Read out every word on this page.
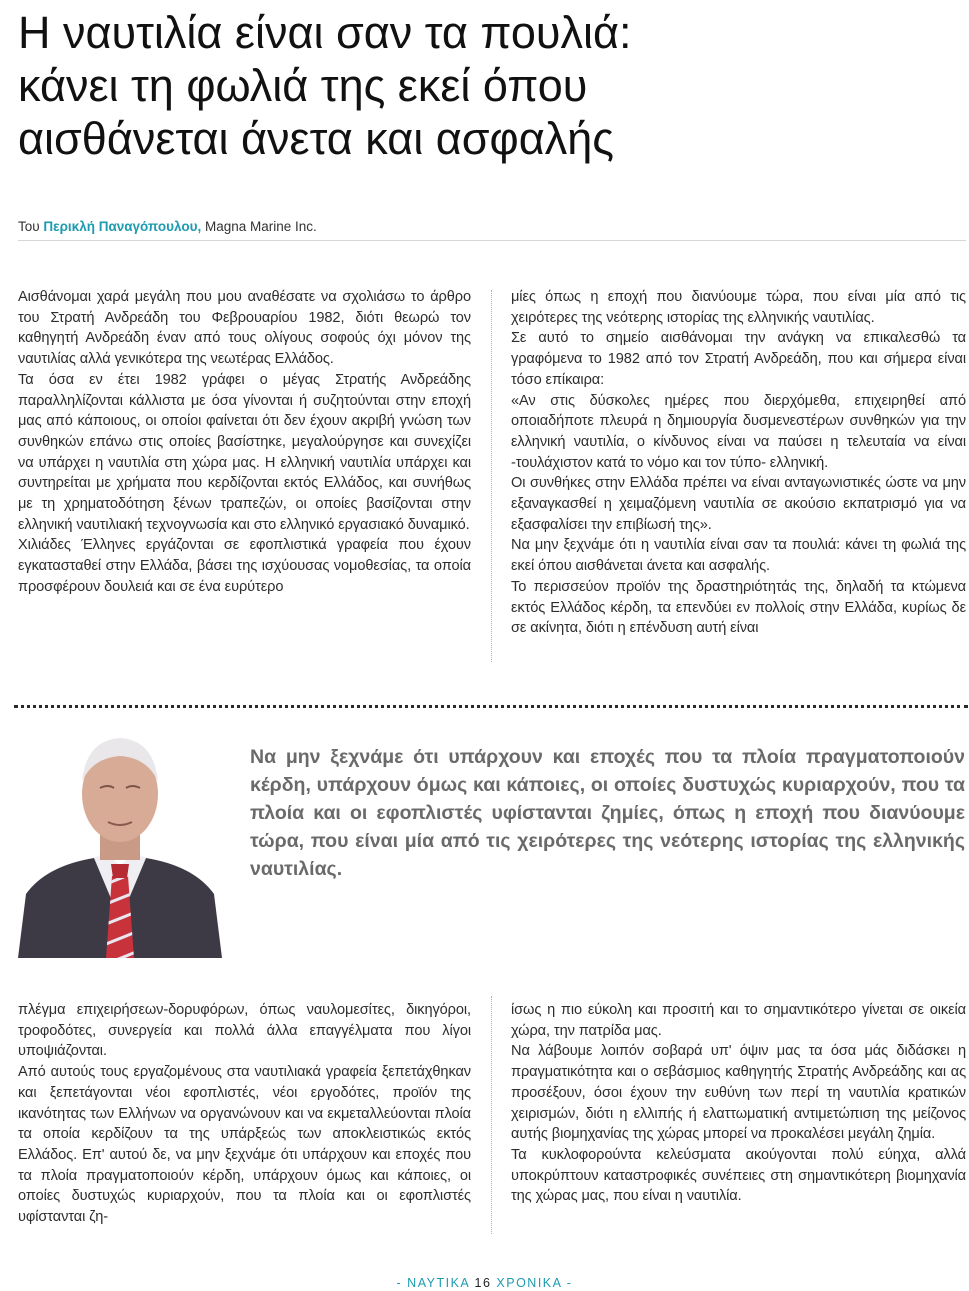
Η ναυτιλία είναι σαν τα πουλιά:
κάνει τη φωλιά της εκεί όπου
αισθάνεται άνετα και ασφαλής
Του Περικλή Παναγόπουλου, Magna Marine Inc.

Αισθάνομαι χαρά μεγάλη που μου αναθέσατε να σχολιάσω το άρθρο του Στρατή Ανδρεάδη του Φεβρουαρίου 1982, διότι θεωρώ τον καθηγητή Ανδρεάδη έναν από τους ολίγους σοφούς όχι μόνον της ναυτιλίας αλλά γενικότερα της νεωτέρας Ελλάδος.

Τα όσα εν έτει 1982 γράφει ο μέγας Στρατής Ανδρεάδης παραλληλίζονται κάλλιστα με όσα γίνονται ή συζητούνται στην εποχή μας από κάποιους, οι οποίοι φαίνεται ότι δεν έχουν ακριβή γνώση των συνθηκών επάνω στις οποίες βασίστηκε, μεγαλούργησε και συνεχίζει να υπάρχει η ναυτιλία στη χώρα μας. Η ελληνική ναυτιλία υπάρχει και συντηρείται με χρήματα που κερδίζονται εκτός Ελλάδος, και συνήθως με τη χρηματοδότηση ξένων τραπεζών, οι οποίες βασίζονται στην ελληνική ναυτιλιακή τεχνογνωσία και στο ελληνικό εργασιακό δυναμικό.

Χιλιάδες Έλληνες εργάζονται σε εφοπλιστικά γραφεία που έχουν εγκατασταθεί στην Ελλάδα, βάσει της ισχύουσας νομοθεσίας, τα οποία προσφέρουν δουλειά και σε ένα ευρύτερο

μίες όπως η εποχή που διανύουμε τώρα, που είναι μία από τις χειρότερες της νεότερης ιστορίας της ελληνικής ναυτιλίας.

Σε αυτό το σημείο αισθάνομαι την ανάγκη να επικαλεσθώ τα γραφόμενα το 1982 από τον Στρατή Ανδρεάδη, που και σήμερα είναι τόσο επίκαιρα:

«Αν στις δύσκολες ημέρες που διερχόμεθα, επιχειρηθεί από οποιαδήποτε πλευρά η δημιουργία δυσμενεστέρων συνθηκών για την ελληνική ναυτιλία, ο κίνδυνος είναι να παύσει η τελευταία να είναι -τουλάχιστον κατά το νόμο και τον τύπο- ελληνική.

Οι συνθήκες στην Ελλάδα πρέπει να είναι ανταγωνιστικές ώστε να μην εξαναγκασθεί η χειμαζόμενη ναυτιλία σε ακούσιο εκπατρισμό για να εξασφαλίσει την επιβίωσή της».

Να μην ξεχνάμε ότι η ναυτιλία είναι σαν τα πουλιά: κάνει τη φωλιά της εκεί όπου αισθάνεται άνετα και ασφαλής.

Το περισσεύον προϊόν της δραστηριότητάς της, δηλαδή τα κτώμενα εκτός Ελλάδος κέρδη, τα επενδύει εν πολλοίς στην Ελλάδα, κυρίως δε σε ακίνητα, διότι η επένδυση αυτή είναι

Να μην ξεχνάμε ότι υπάρχουν και εποχές που τα πλοία πραγματοποιούν κέρδη, υπάρχουν όμως και κάποιες, οι οποίες δυστυχώς κυριαρχούν, που τα πλοία και οι εφοπλιστές υφίστανται ζημίες, όπως η εποχή που διανύουμε τώρα, που είναι μία από τις χειρότερες της νεότερης ιστορίας της ελληνικής ναυτιλίας.

πλέγμα επιχειρήσεων-δορυφόρων, όπως ναυλομεσίτες, δικηγόροι, τροφοδότες, συνεργεία και πολλά άλλα επαγγέλματα που λίγοι υποψιάζονται.

Από αυτούς τους εργαζομένους στα ναυτιλιακά γραφεία ξεπετάχθηκαν και ξεπετάγονται νέοι εφοπλιστές, νέοι εργοδότες, προϊόν της ικανότητας των Ελλήνων να οργανώνουν και να εκμεταλλεύονται πλοία τα οποία κερδίζουν τα της υπάρξεώς των αποκλειστικώς εκτός Ελλάδος. Επ' αυτού δε, να μην ξεχνάμε ότι υπάρχουν και εποχές που τα πλοία πραγματοποιούν κέρδη, υπάρχουν όμως και κάποιες, οι οποίες δυστυχώς κυριαρχούν, που τα πλοία και οι εφοπλιστές υφίστανται ζη-

ίσως η πιο εύκολη και προσιτή και το σημαντικότερο γίνεται σε οικεία χώρα, την πατρίδα μας.

Να λάβουμε λοιπόν σοβαρά υπ' όψιν μας τα όσα μάς διδάσκει η πραγματικότητα και ο σεβάσμιος καθηγητής Στρατής Ανδρεάδης και ας προσέξουν, όσοι έχουν την ευθύνη των περί τη ναυτιλία κρατικών χειρισμών, διότι η ελλιπής ή ελαττωματική αντιμετώπιση της μείζονος αυτής βιομηχανίας της χώρας μπορεί να προκαλέσει μεγάλη ζημία.

Τα κυκλοφορούντα κελεύσματα ακούγονται πολύ εύηχα, αλλά υποκρύπτουν καταστροφικές συνέπειες στη σημαντικότερη βιομηχανία της χώρας μας, που είναι η ναυτιλία.

- ΝΑΥΤΙΚΑ 16 ΧΡΟΝΙΚΑ -
